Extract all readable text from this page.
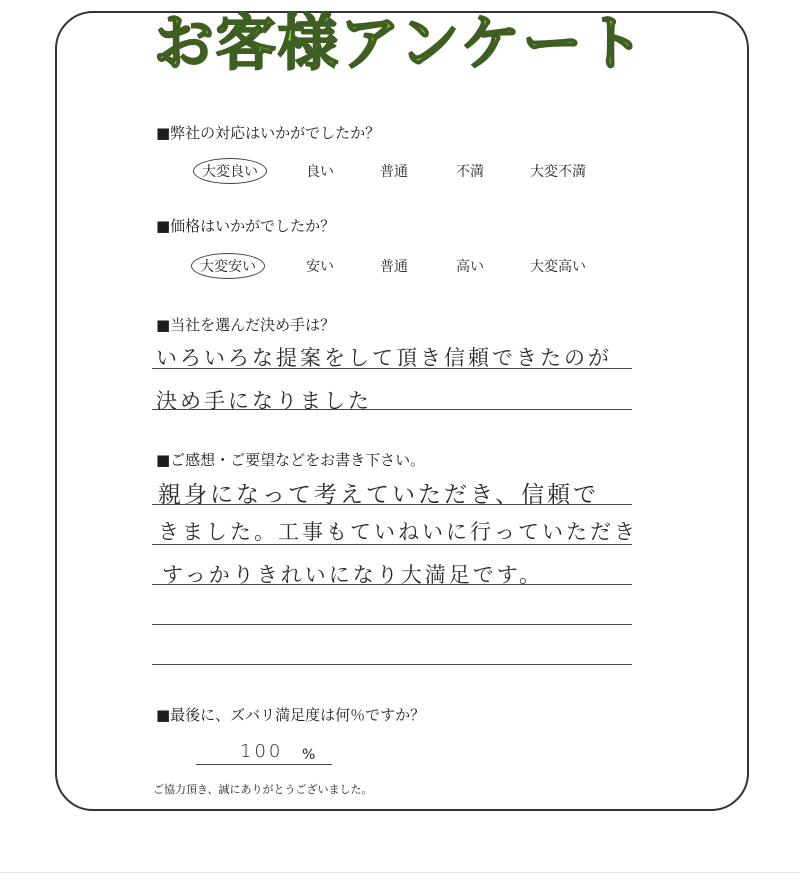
お客様アンケート
■弊社の対応はいかがでしたか？
大変良い	良い	普通	不満	大変不満
■価格はいかがでしたか？
大変安い	安い	普通	高い	大変高い
■当社を選んだ決め手は？
いろいろな提案をして頂き信頼できたのが
決め手になりました
■ご感想・ご要望などをお書き下さい。
親身になって考えていただき、信頼で
きました。工事もていねいに行っていただき
すっかりきれいになり大満足です。
■最後に、ズバリ満足度は何％ですか？
100 %
ご協力頂き、誠にありがとうございました。
